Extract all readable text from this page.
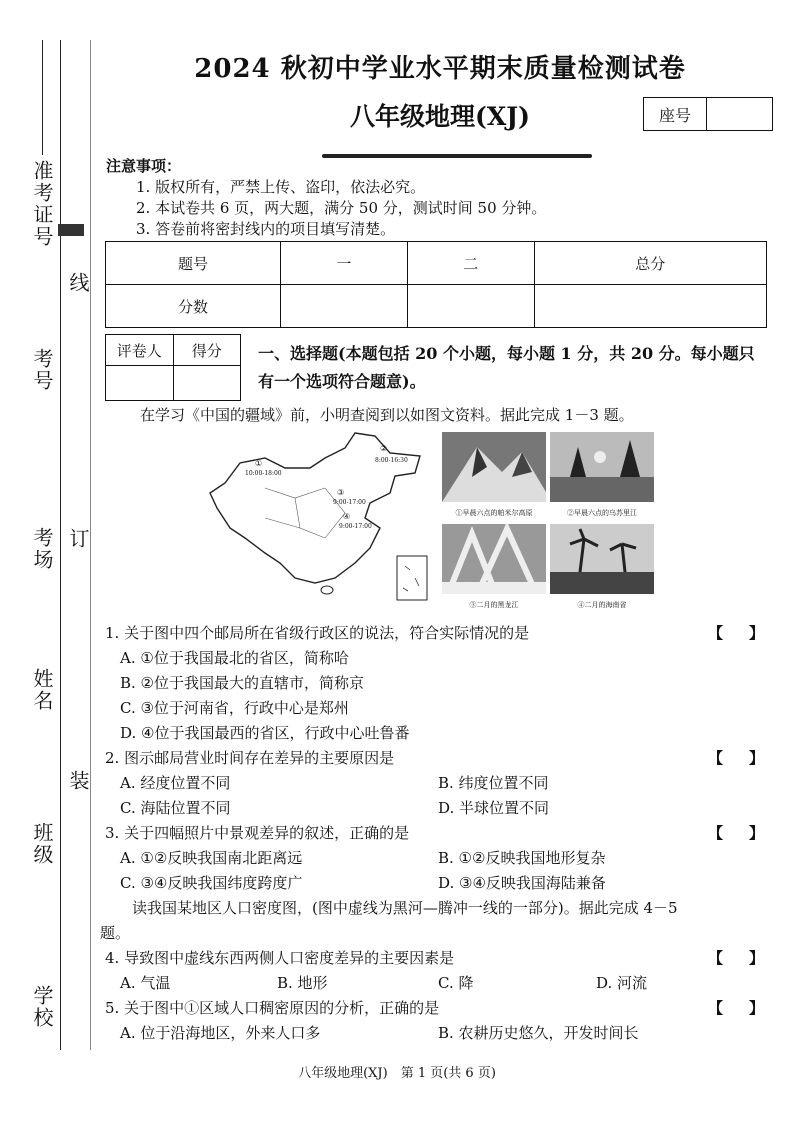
准考证号
线
考号
考场 订
姓名
装
班级
学校
2024 秋初中学业水平期末质量检测试卷
八年级地理(XJ)	座号
注意事项：
1. 版权所有，严禁上传、盗印，依法必究。
2. 本试卷共 6 页，两大题，满分 50 分，测试时间 50 分钟。
3. 答卷前将密封线内的项目填写清楚。
题号	一	二	总分
分数			
评卷人	得分
	一、选择题(本题包括 20 个小题，每小题 1 分，共 20 分。每小题只有一个选项符合题意)。
在学习《中国的疆域》前，小明查阅到以如图文资料。据此完成 1－3 题。
①
10:00-18:00
②
8:00-16:30
③
9:00-17:00
④
9:00-17:00
①早晨六点的帕米尔高原	②早晨六点的乌苏里江
③二月的黑龙江	④二月的海南省
1. 关于图中四个邮局所在省级行政区的说法，符合实际情况的是	【】
A. ①位于我国最北的省区，简称哈
B. ②位于我国最大的直辖市，简称京
C. ③位于河南省，行政中心是郑州
D. ④位于我国最西的省区，行政中心吐鲁番
2. 图示邮局营业时间存在差异的主要原因是	【】
A. 经度位置不同	B. 纬度位置不同
C. 海陆位置不同	D. 半球位置不同
3. 关于四幅照片中景观差异的叙述，正确的是	【】
A. ①②反映我国南北距离远	B. ①②反映我国地形复杂
C. ③④反映我国纬度跨度广	D. ③④反映我国海陆兼备
读我国某地区人口密度图，(图中虚线为黑河—腾冲一线的一部分)。据此完成 4－5
题。
4. 导致图中虚线东西两侧人口密度差异的主要因素是	【】
A. 气温	B. 地形	C. 降	D. 河流
5. 关于图中①区域人口稠密原因的分析，正确的是	【】
A. 位于沿海地区，外来人口多	B. 农耕历史悠久，开发时间长
八年级地理(XJ)　第 1 页(共 6 页)
